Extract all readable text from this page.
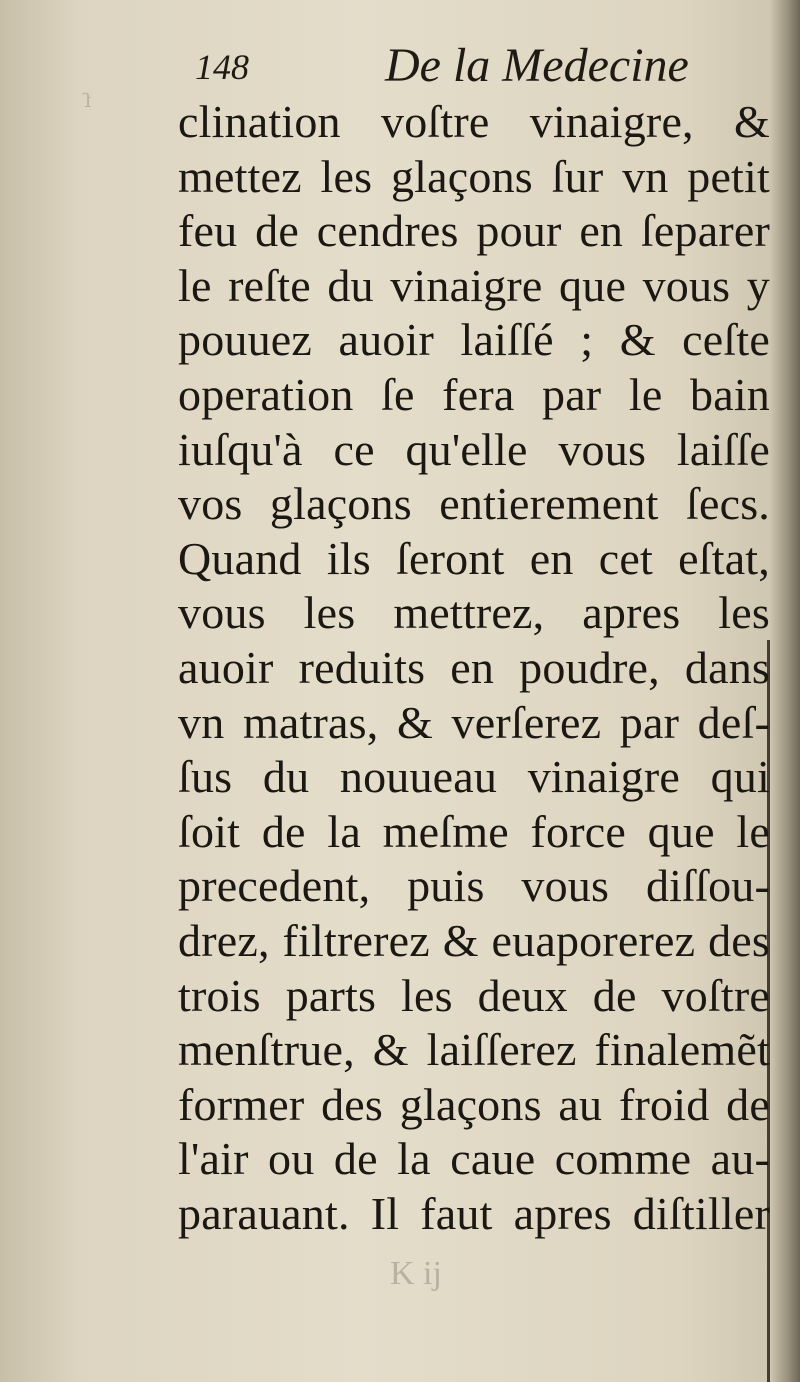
ſ
148	De la Medecine
clination voſtre vinaigre, &
mettez les glaçons ſur vn petit
feu de cendres pour en ſeparer
le reſte du vinaigre que vous y
pouuez auoir laiſſé ; & ceſte
operation ſe fera par le bain
iuſqu'à ce qu'elle vous laiſſe
vos glaçons entierement ſecs.
Quand ils ſeront en cet eſtat,
vous les mettrez, apres les
auoir reduits en poudre, dans
vn matras, & verſerez par deſ-
ſus du nouueau vinaigre qui
ſoit de la meſme force que le
precedent, puis vous diſſou-
drez, filtrerez & euaporerez des
trois parts les deux de voſtre
menſtrue, & laiſſerez finalemẽt
former des glaçons au froid de
l'air ou de la caue comme au-
parauant. Il faut apres diſtiller
K ij
